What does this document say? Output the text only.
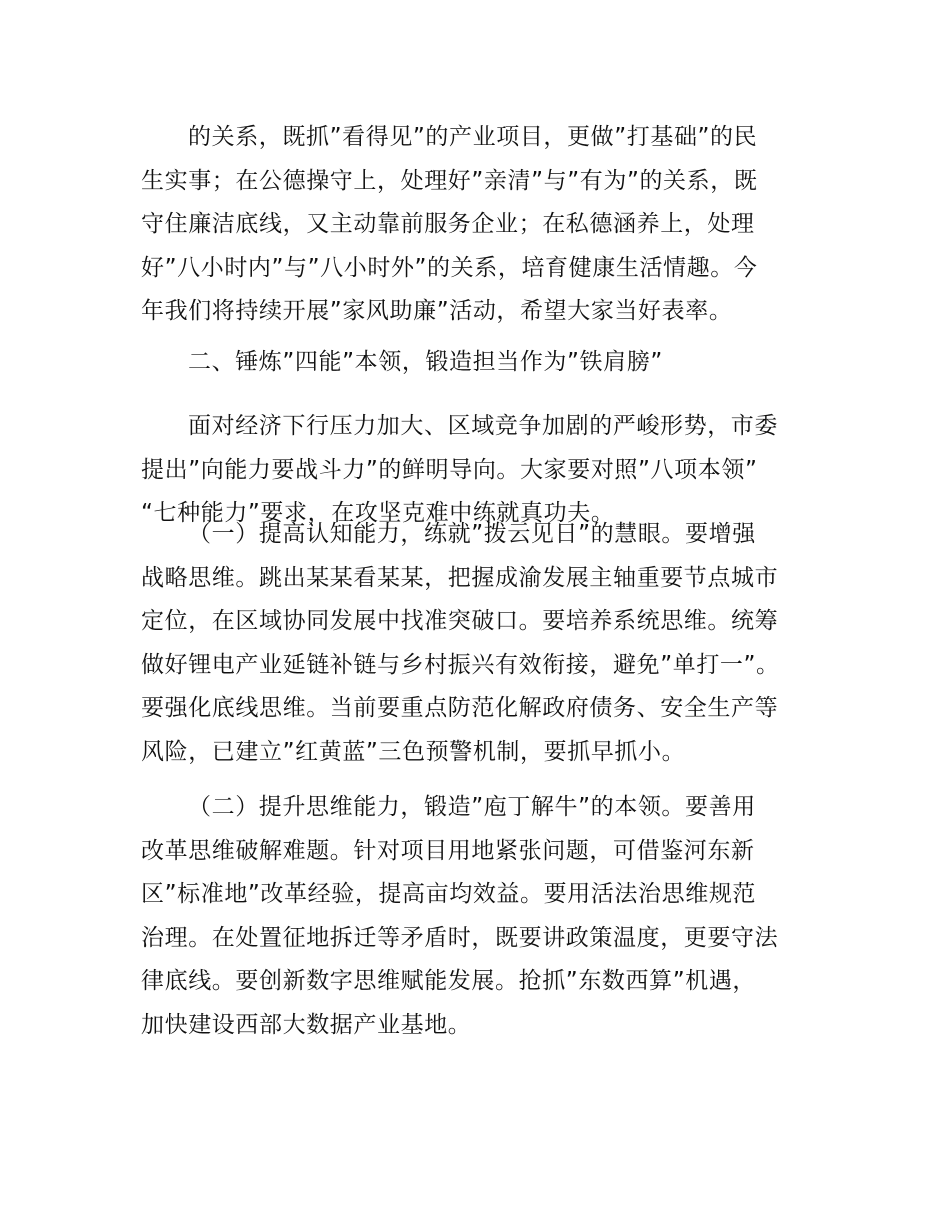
的关系，既抓”看得见”的产业项目，更做”打基础”的民
生实事；在公德操守上，处理好”亲清”与”有为”的关系，既
守住廉洁底线，又主动靠前服务企业；在私德涵养上，处理
好”八小时内”与”八小时外”的关系，培育健康生活情趣。今
年我们将持续开展”家风助廉”活动，希望大家当好表率。
二、锤炼”四能”本领，锻造担当作为”铁肩膀”
面对经济下行压力加大、区域竞争加剧的严峻形势，市委
提出”向能力要战斗力”的鲜明导向。大家要对照”八项本领”
“七种能力”要求，在攻坚克难中练就真功夫。
（一）提高认知能力，练就”拨云见日”的慧眼。要增强
战略思维。跳出某某看某某，把握成渝发展主轴重要节点城市
定位，在区域协同发展中找准突破口。要培养系统思维。统筹
做好锂电产业延链补链与乡村振兴有效衔接，避免”单打一”。
要强化底线思维。当前要重点防范化解政府债务、安全生产等
风险，已建立”红黄蓝”三色预警机制，要抓早抓小。
（二）提升思维能力，锻造”庖丁解牛”的本领。要善用
改革思维破解难题。针对项目用地紧张问题，可借鉴河东新
区”标准地”改革经验，提高亩均效益。要用活法治思维规范
治理。在处置征地拆迁等矛盾时，既要讲政策温度，更要守法
律底线。要创新数字思维赋能发展。抢抓”东数西算”机遇，
加快建设西部大数据产业基地。
